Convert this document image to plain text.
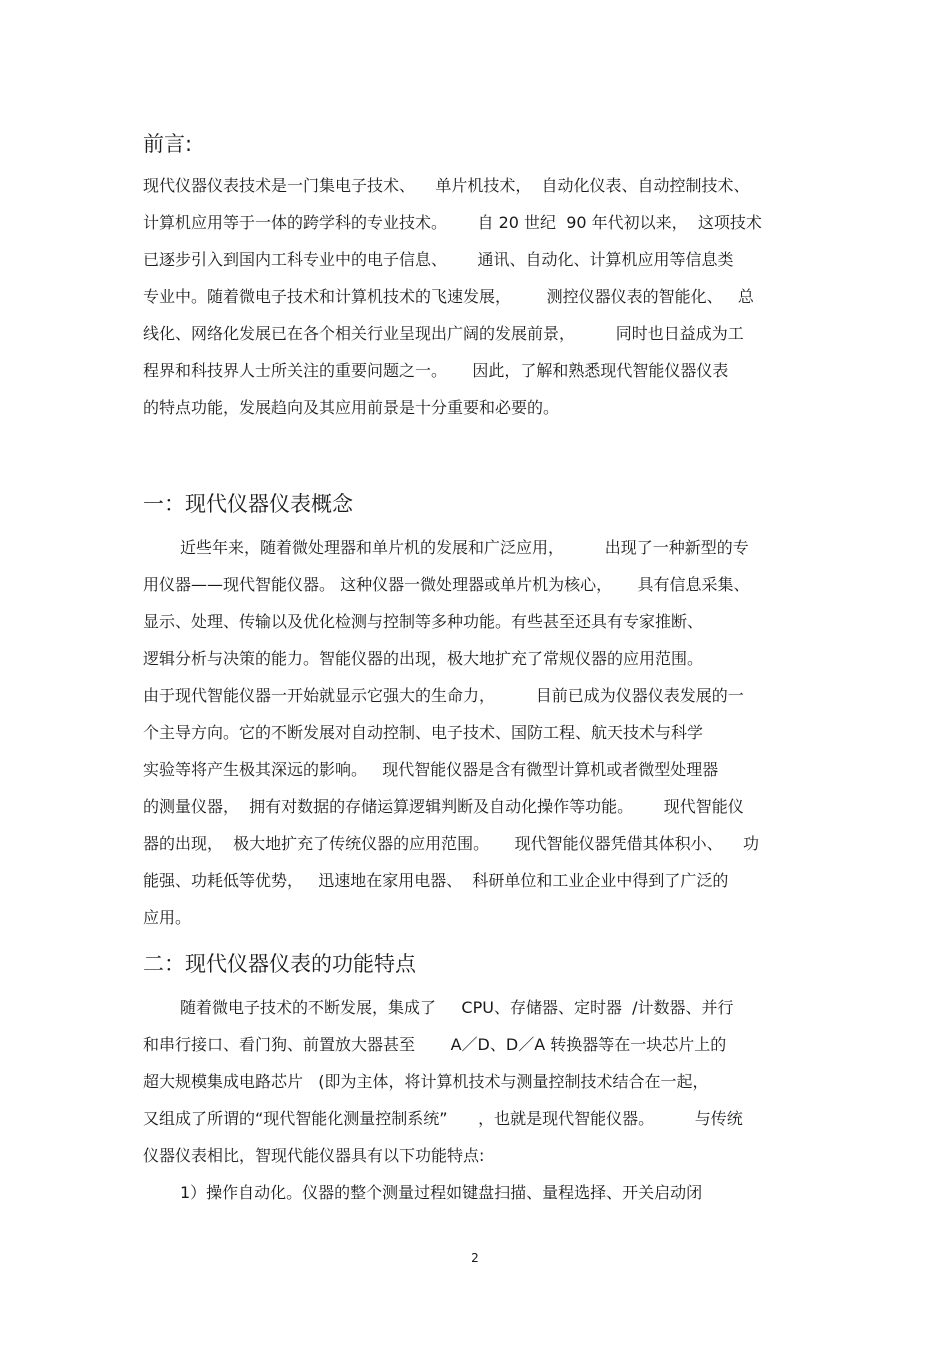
前言:
现代仪器仪表技术是一门集电子技术、    单片机技术，  自动化仪表、自动控制技术、
计算机应用等于一体的跨学科的专业技术。      自 20 世纪  90 年代初以来，  这项技术
已逐步引入到国内工科专业中的电子信息、      通讯、自动化、计算机应用等信息类
专业中。随着微电子技术和计算机技术的飞速发展，       测控仪器仪表的智能化、   总
线化、网络化发展已在各个相关行业呈现出广阔的发展前景，        同时也日益成为工
程界和科技界人士所关注的重要问题之一。     因此，了解和熟悉现代智能仪器仪表
的特点功能，发展趋向及其应用前景是十分重要和必要的。
一：现代仪器仪表概念
近些年来，随着微处理器和单片机的发展和广泛应用，        出现了一种新型的专
用仪器——现代智能仪器。 这种仪器一微处理器或单片机为核心，     具有信息采集、
显示、处理、传输以及优化检测与控制等多种功能。有些甚至还具有专家推断、
逻辑分析与决策的能力。智能仪器的出现，极大地扩充了常规仪器的应用范围。
由于现代智能仪器一开始就显示它强大的生命力，        目前已成为仪器仪表发展的一
个主导方向。它的不断发展对自动控制、电子技术、国防工程、航天技术与科学
实验等将产生极其深远的影响。   现代智能仪器是含有微型计算机或者微型处理器
的测量仪器，  拥有对数据的存储运算逻辑判断及自动化操作等功能。      现代智能仪
器的出现，  极大地扩充了传统仪器的应用范围。     现代智能仪器凭借其体积小、    功
能强、功耗低等优势，   迅速地在家用电器、  科研单位和工业企业中得到了广泛的
应用。
二：现代仪器仪表的功能特点
随着微电子技术的不断发展，集成了     CPU、存储器、定时器  /计数器、并行
和串行接口、看门狗、前置放大器甚至       A／D、D／A 转换器等在一块芯片上的
超大规模集成电路芯片   (即为主体，将计算机技术与测量控制技术结合在一起，
又组成了所谓的“现代智能化测量控制系统”      ，也就是现代智能仪器。        与传统
仪器仪表相比，智现代能仪器具有以下功能特点:
1）操作自动化。仪器的整个测量过程如键盘扫描、量程选择、开关启动闭
2
